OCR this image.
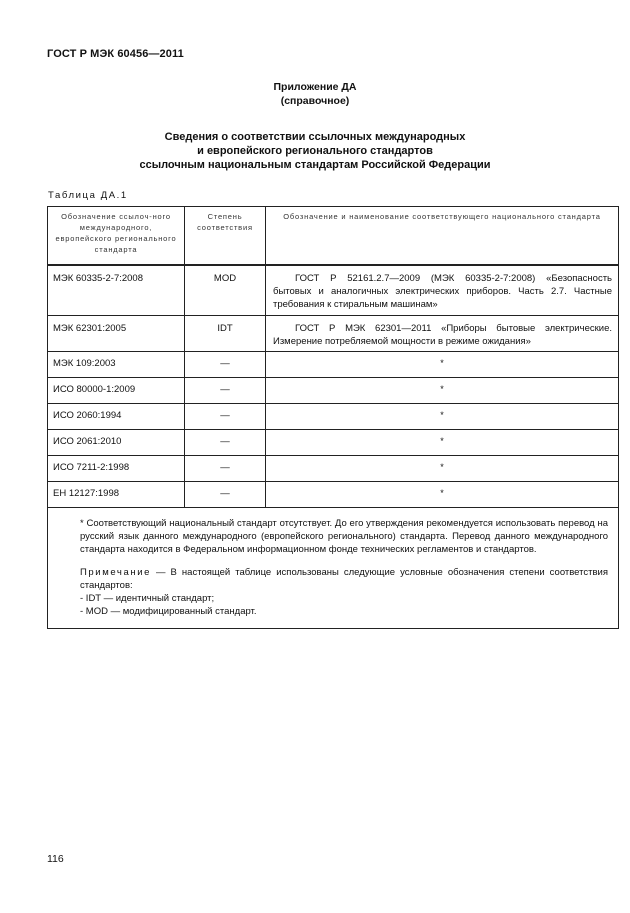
ГОСТ Р МЭК 60456—2011
Приложение ДА
(справочное)
Сведения о соответствии ссылочных международных
и европейского регионального стандартов
ссылочным национальным стандартам Российской Федерации
Таблица ДА.1
Обозначение ссылоч-ного международного, европейского регионального стандарта	Степень соответствия	Обозначение и наименование соответствующего национального стандарта
МЭК 60335-2-7:2008	MOD	ГОСТ Р 52161.2.7—2009 (МЭК 60335-2-7:2008) «Безопасность бытовых и аналогичных электрических приборов. Часть 2.7. Частные требования к стиральным машинам»
МЭК 62301:2005	IDT	ГОСТ Р МЭК 62301—2011 «Приборы бытовые электрические. Измерение потребляемой мощности в режиме ожидания»
МЭК 109:2003	—	*
ИСО 80000-1:2009	—	*
ИСО 2060:1994	—	*
ИСО 2061:2010	—	*
ИСО 7211-2:1998	—	*
ЕН 12127:1998	—	*

* Соответствующий национальный стандарт отсутствует. До его утверждения рекомендуется использовать перевод на русский язык данного международного (европейского регионального) стандарта. Перевод данного международного стандарта находится в Федеральном информационном фонде технических регламентов и стандартов.

Примечание — В настоящей таблице использованы следующие условные обозначения степени соответствия стандартов:

- IDT — идентичный стандарт;

- MOD — модифицированный стандарт.		

116
